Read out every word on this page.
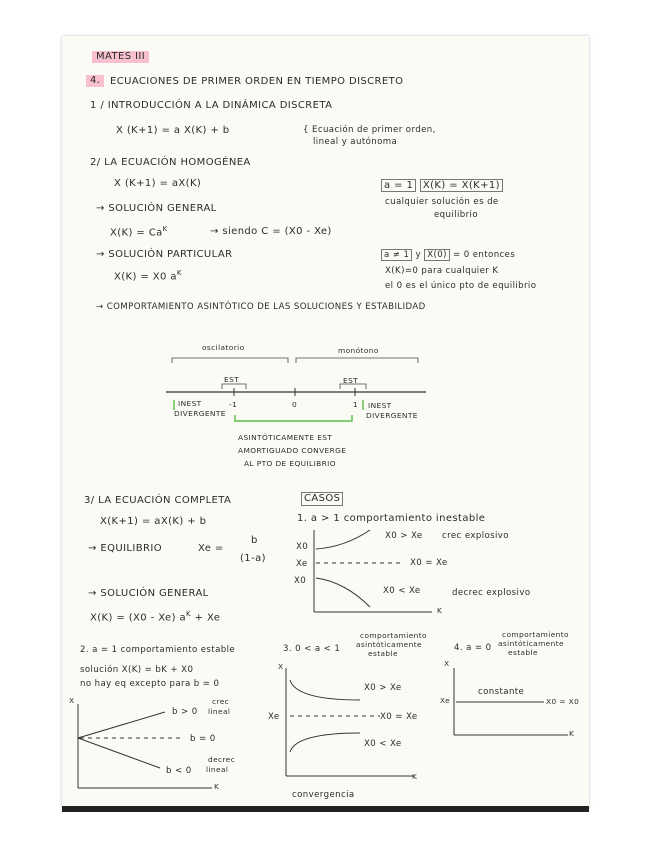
MATES III
4. ECUACIONES DE PRIMER ORDEN EN TIEMPO DISCRETO
1 / INTRODUCCIÓN A LA DINÁMICA DISCRETA
X (K+1) = a X(K) + b	{ Ecuación de primer orden,
lineal y autónoma
2/ LA ECUACIÓN HOMOGÉNEA
X (K+1) = aX(K)	a = 1 X(K) = X(K+1)
cualquier solución es de
equilibrio
→ SOLUCIÓN GENERAL
$X(K) = Ca^K$	→ siendo C = (X0 - Xe)
→ SOLUCIÓN PARTICULAR
X(K) = X0 $a^K$
a ≠ 1 y X(0) = 0 entonces
X(K)=0 para cualquier K
el 0 es el único pto de equilibrio
→ COMPORTAMIENTO ASINTÓTICO DE LAS SOLUCIONES Y ESTABILIDAD
oscilatorio	monótono
EST	EST
-1	0	1
INEST
DIVERGENTE
INEST
DIVERGENTE
ASINTÓTICAMENTE EST
AMORTIGUADO CONVERGE
AL PTO DE EQUILIBRIO
3/ LA ECUACIÓN COMPLETA
X(K+1) = aX(K) + b
→ EQUILIBRIO	Xe =
b
(1-a)
→ SOLUCIÓN GENERAL
X(K) = (X0 - Xe) $a^K + Xe$
CASOS
1. a > 1 comportamiento inestable
X0
Xe
X0
X0 > Xe crec explosivo
X0 = Xe
X0 < Xe	decrec explosivo
K
2. a = 1 comportamiento estable
solución X(K) = bK + X0
no hay eq excepto para b = 0
X
b > 0
crec
lineal
b = 0
b < 0
decrec
lineal
K
3. 0 < a < 1
comportamiento
asintóticamente
estable
X
Xe
X0 > Xe
X0 = Xe
X0 < Xe
K
convergencia
4. a = 0
comportamiento
asintóticamente
estable
X
Xe
constante
X0 = X0
K
